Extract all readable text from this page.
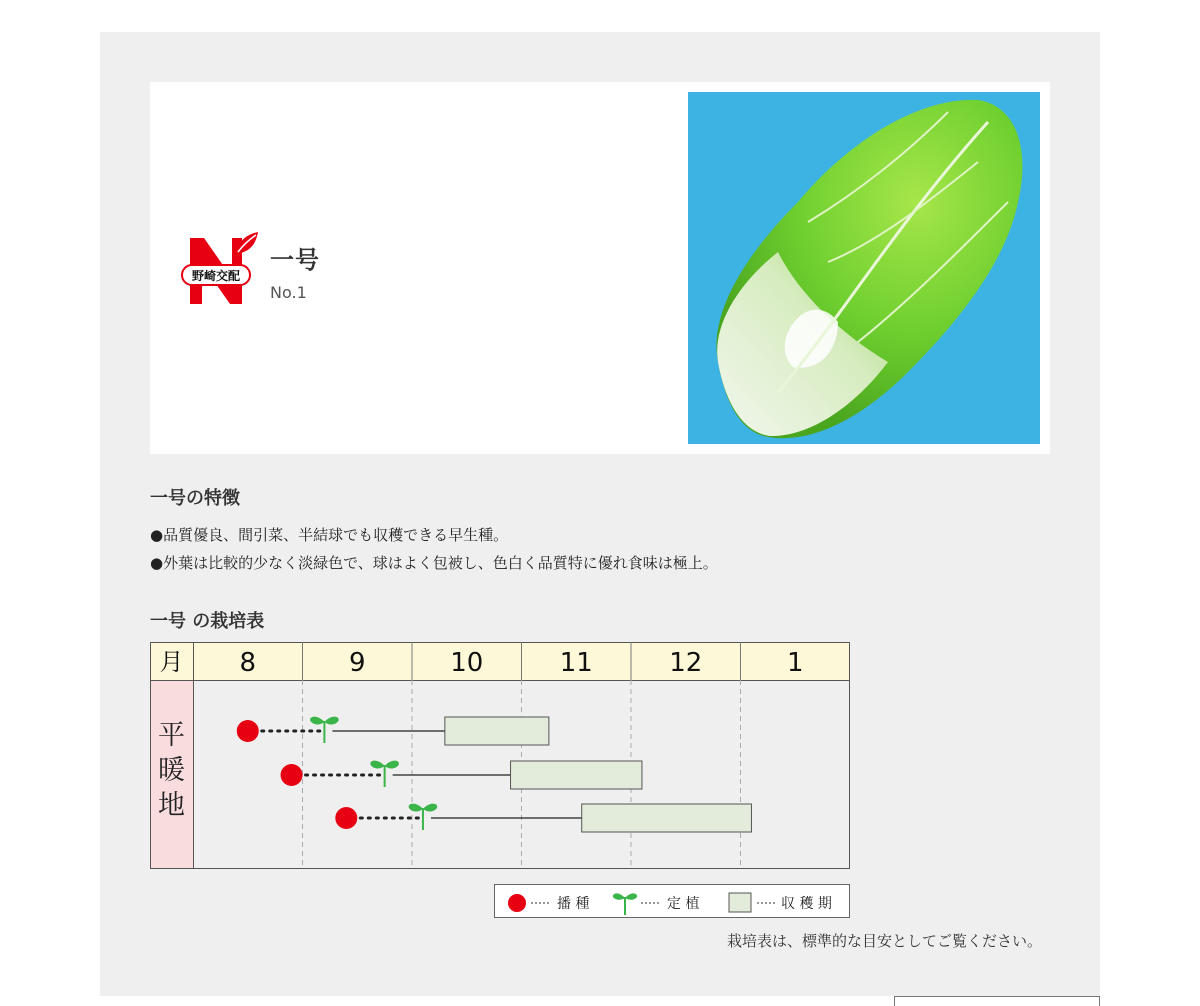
野崎交配
一号
No.1
一号の特徴
●品質優良、間引菜、半結球でも収穫できる早生種。
●外葉は比較的少なく淡緑色で、球はよく包被し、色白く品質特に優れ食味は極上。
一号 の栽培表
月 8	9	10	11	12	1
平
暖
地
播 種	定 植	収 穫 期
栽培表は、標準的な目安としてご覧ください。
